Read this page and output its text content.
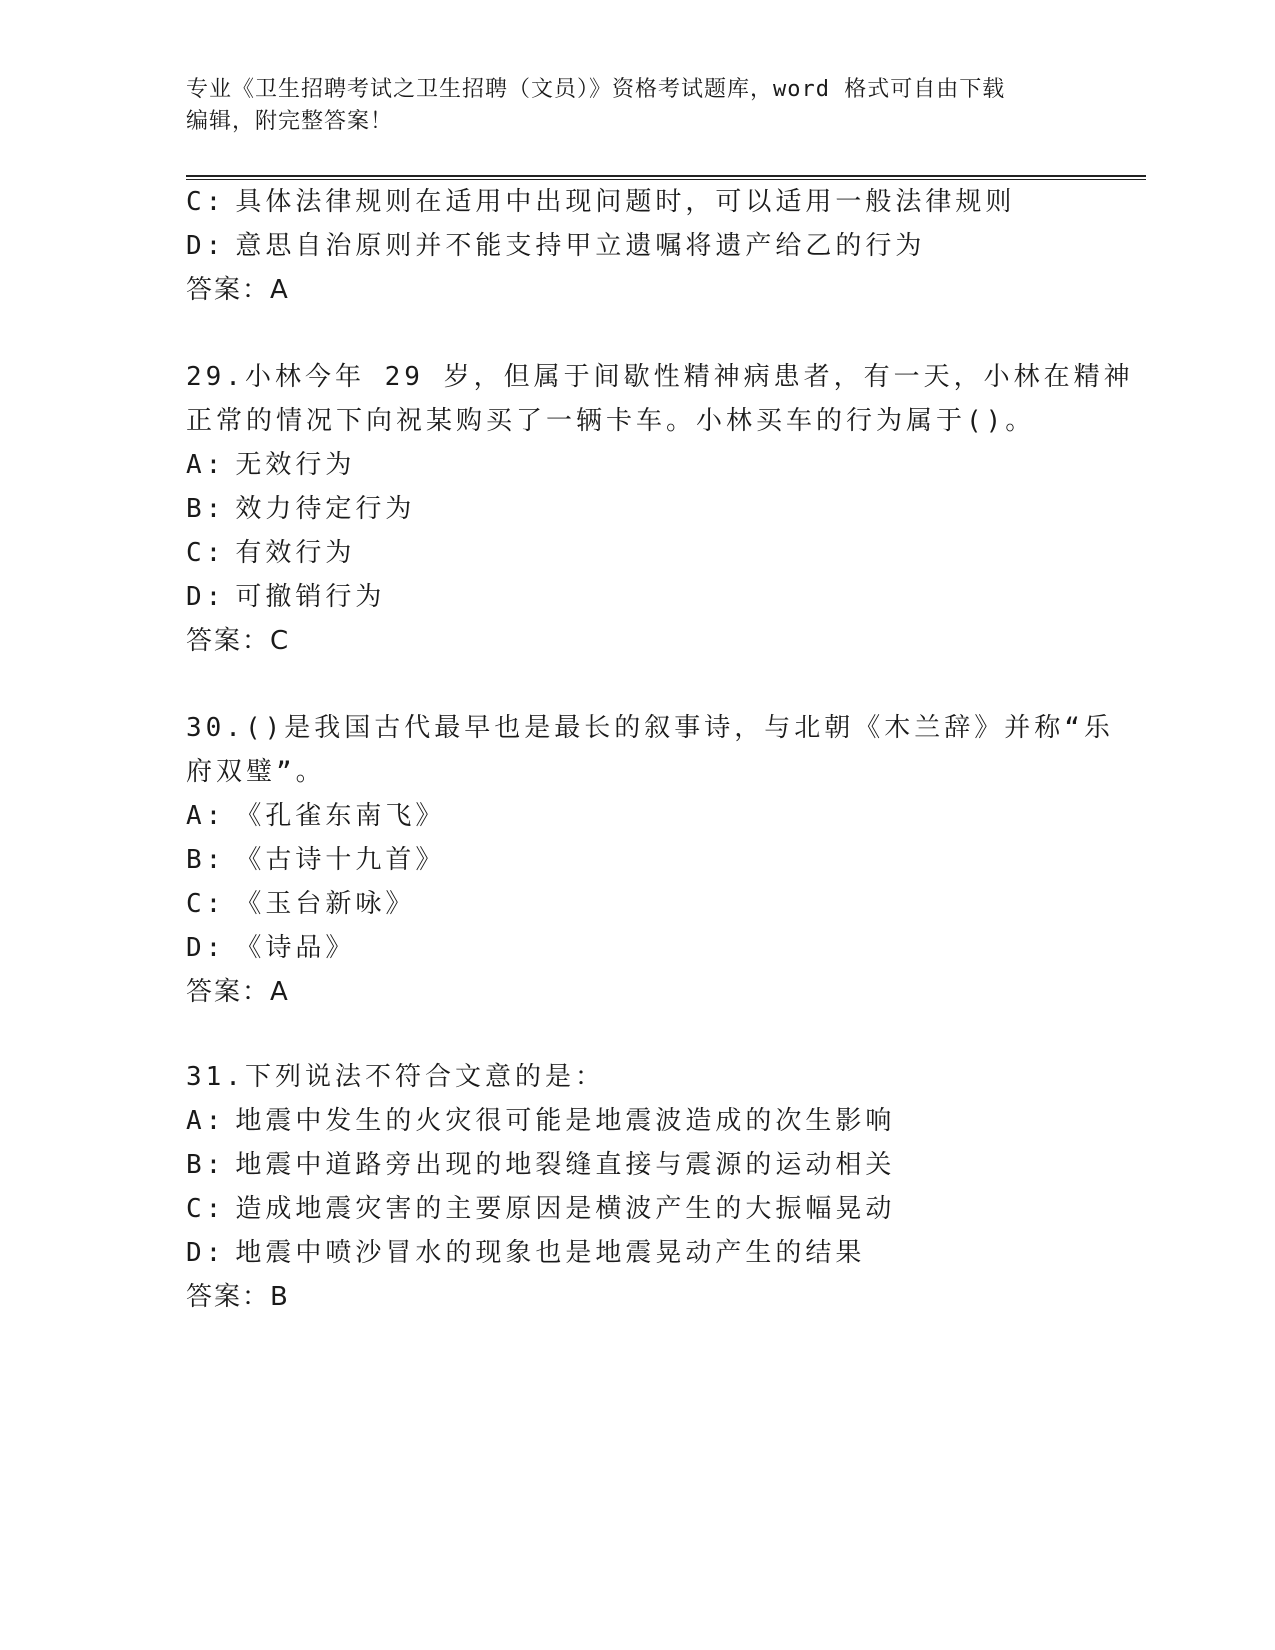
专业《卫生招聘考试之卫生招聘（文员）》资格考试题库，word 格式可自由下载
编辑，附完整答案！
C: 具体法律规则在适用中出现问题时，可以适用一般法律规则
D: 意思自治原则并不能支持甲立遗嘱将遗产给乙的行为
答案：A
29.小林今年 29 岁，但属于间歇性精神病患者，有一天，小林在精神
正常的情况下向祝某购买了一辆卡车。小林买车的行为属于()。
A: 无效行为
B: 效力待定行为
C: 有效行为
D: 可撤销行为
答案：C
30.()是我国古代最早也是最长的叙事诗，与北朝《木兰辞》并称“乐
府双璧”。
A: 《孔雀东南飞》
B: 《古诗十九首》
C: 《玉台新咏》
D: 《诗品》
答案：A
31.下列说法不符合文意的是：
A: 地震中发生的火灾很可能是地震波造成的次生影响
B: 地震中道路旁出现的地裂缝直接与震源的运动相关
C: 造成地震灾害的主要原因是横波产生的大振幅晃动
D: 地震中喷沙冒水的现象也是地震晃动产生的结果
答案：B
